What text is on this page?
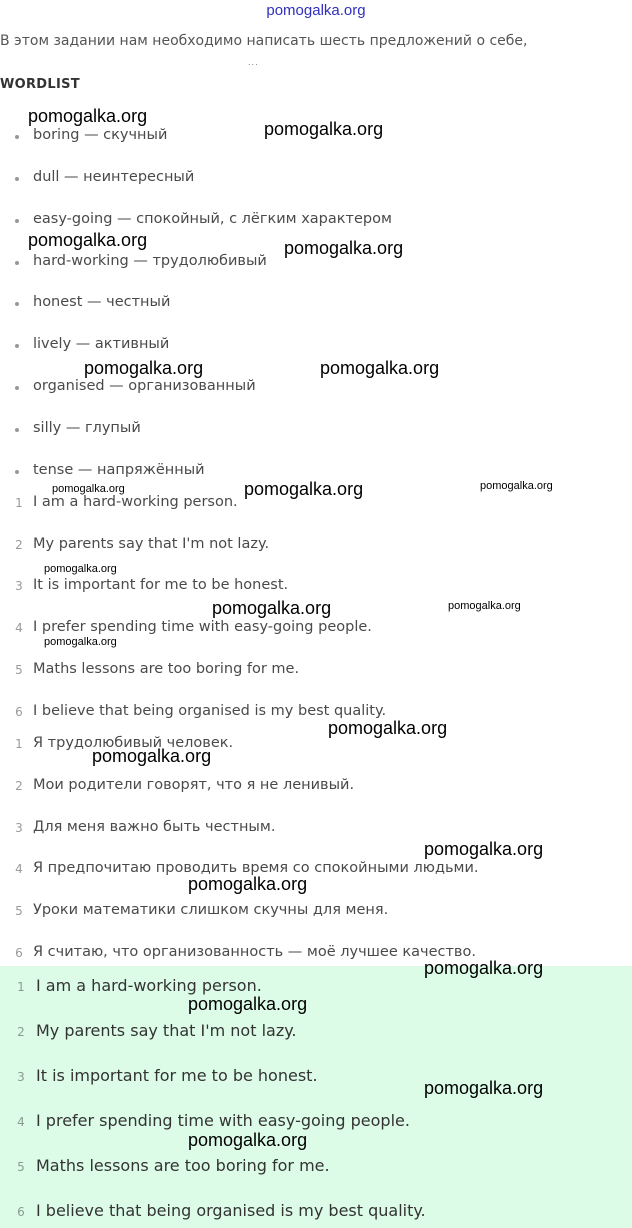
pomogalka.org
В этом задании нам необходимо написать шесть предложений о себе,
...
WORDLIST
boring — скучный
dull — неинтересный
easy-going — спокойный, с лёгким характером
hard-working — трудолюбивый
honest — честный
lively — активный
organised — организованный
silly — глупый
tense — напряжённый
1 I am a hard-working person.
2 My parents say that I'm not lazy.
3 It is important for me to be honest.
4 I prefer spending time with easy-going people.
5 Maths lessons are too boring for me.
6 I believe that being organised is my best quality.
1 Я трудолюбивый человек.
2 Мои родители говорят, что я не ленивый.
3 Для меня важно быть честным.
4 Я предпочитаю проводить время со спокойными людьми.
5 Уроки математики слишком скучны для меня.
6 Я считаю, что организованность — моё лучшее качество.
1 I am a hard-working person.
2 My parents say that I'm not lazy.
3 It is important for me to be honest.
4 I prefer spending time with easy-going people.
5 Maths lessons are too boring for me.
6 I believe that being organised is my best quality.
pomogalka.org
pomogalka.org
pomogalka.org	pomogalka.org
pomogalka.org	pomogalka.org
pomogalka.org	pomogalka.org	pomogalka.org
pomogalka.org
pomogalka.org	pomogalka.org
pomogalka.org
pomogalka.org
pomogalka.org
pomogalka.org
pomogalka.org
pomogalka.org
pomogalka.org
pomogalka.org
pomogalka.org
